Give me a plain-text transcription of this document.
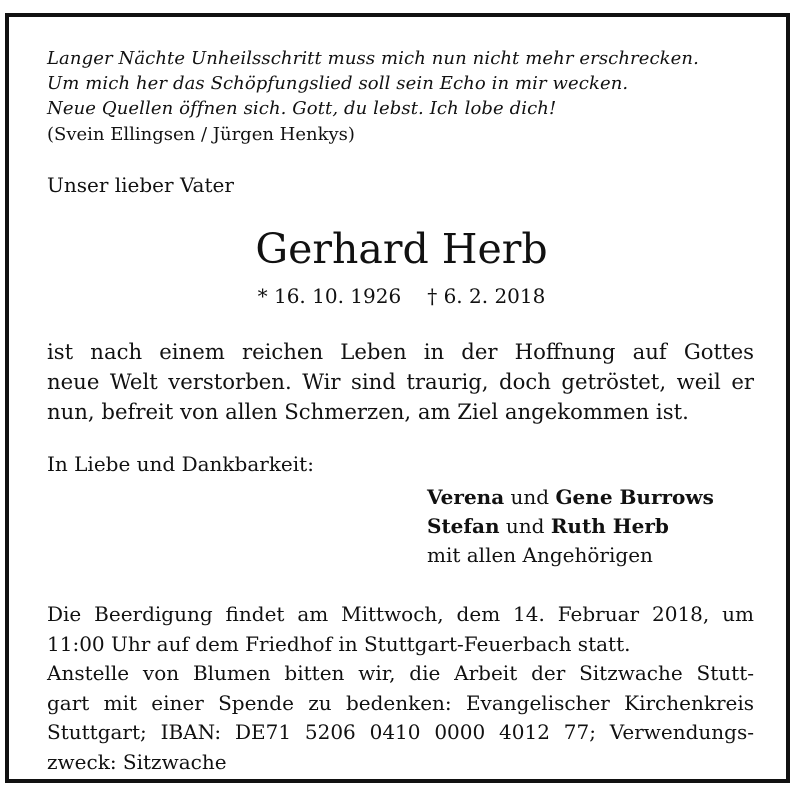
Langer Nächte Unheilsschritt muss mich nun nicht mehr erschrecken.
Um mich her das Schöpfungslied soll sein Echo in mir wecken.
Neue Quellen öffnen sich. Gott, du lebst. Ich lobe dich!
(Svein Ellingsen / Jürgen Henkys)
Unser lieber Vater
Gerhard Herb
* 16. 10. 1926 † 6. 2. 2018
ist nach einem reichen Leben in der Hoffnung auf Gottes
neue Welt verstorben. Wir sind traurig, doch getröstet, weil er
nun, befreit von allen Schmerzen, am Ziel angekommen ist.
In Liebe und Dankbarkeit:
Verena und Gene Burrows
Stefan und Ruth Herb
mit allen Angehörigen
Die Beerdigung findet am Mittwoch, dem 14. Februar 2018, um
11:00 Uhr auf dem Friedhof in Stuttgart-Feuerbach statt.
Anstelle von Blumen bitten wir, die Arbeit der Sitzwache Stutt-
gart mit einer Spende zu bedenken: Evangelischer Kirchenkreis
Stuttgart; IBAN: DE71 5206 0410 0000 4012 77; Verwendungs-
zweck: Sitzwache
